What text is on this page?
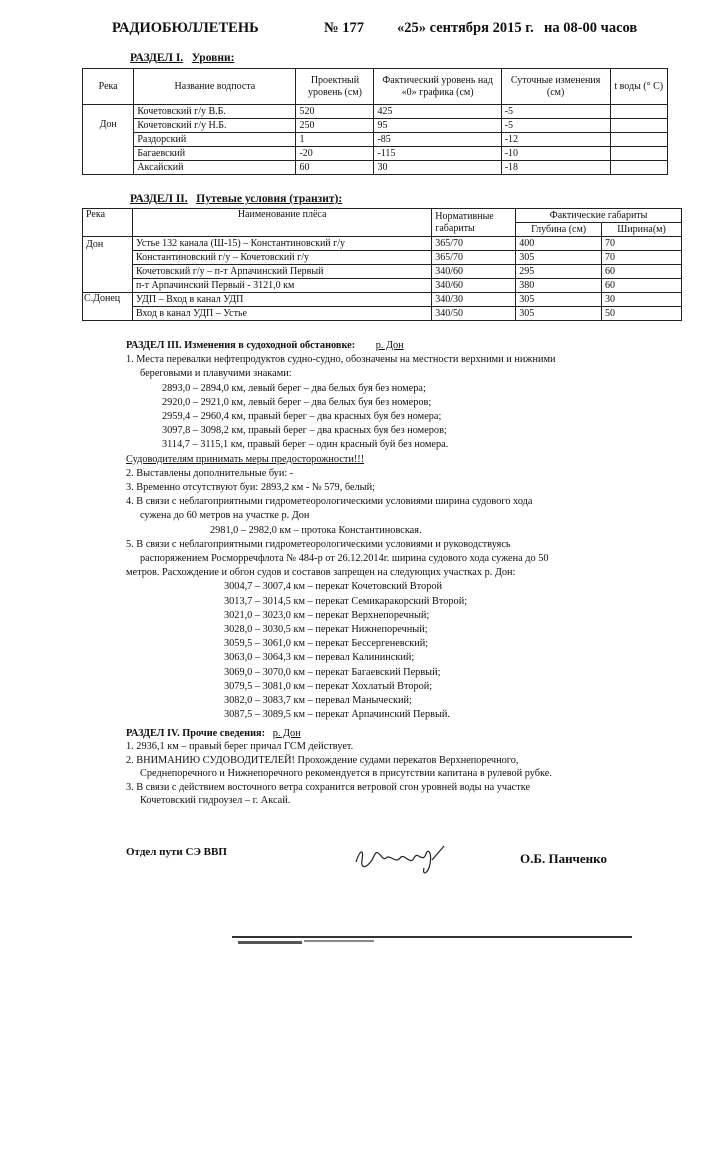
РАДИОБЮЛЛЕТЕНЬ	№ 177 «25» сентября 2015 г. на 08-00 часов
РАЗДЕЛ I. Уровни:
Река	Название водпоста	Проектный уровень (см)	Фактический уровень над «0» графика (см)	Суточные изменения (см)	t воды (° С)
Дон	Кочетовский г/у В.Б.	520	425	-5	
	Кочетовский г/у Н.Б.	250	95	-5	
	Раздорский	1	-85	-12	
	Багаевский	-20	-115	-10	
	Аксайский	60	30	-18	
РАЗДЕЛ II. Путевые условия (транзит):
Река	Наименование плёса	Нормативные габариты	Фактические габариты	
			Глубина (см)	Ширина(м)
Дон	Устье 132 канала (Ш-15) – Константиновский г/у	365/70	400	70
	Константиновский г/у – Кочетовский г/у	365/70	305	70
	Кочетовский г/у – п-т Арпачинский Первый	340/60	295	60
	п-т Арпачинский Первый - 3121,0 км	340/60	380	60
С.Донец	УДП – Вход в канал УДП	340/30	305	30
	Вход в канал УДП – Устье	340/50	305	50

РАЗДЕЛ III. Изменения в судоходной обстановке: р. Дон

1. Места перевалки нефтепродуктов судно-судно, обозначены на местности верхними и нижними

береговыми и плавучими знаками:

2893,0 – 2894,0 км, левый берег – два белых буя без номера;

2920,0 – 2921,0 км, левый берег – два белых буя без номеров;

2959,4 – 2960,4 км, правый берег – два красных буя без номера;

3097,8 – 3098,2 км, правый берег – два красных буя без номеров;

3114,7 – 3115,1 км, правый берег – один красный буй без номера.

Судоводителям принимать меры предосторожности!!!

2. Выставлены дополнительные буи: -

3. Временно отсутствуют буи: 2893,2 км - № 579, белый;

4. В связи с неблагоприятными гидрометеорологическими условиями ширина судового хода

сужена до 60 метров на участке р. Дон

2981,0 – 2982,0 км – протока Константиновская.

5. В связи с неблагоприятными гидрометеорологическими условиями и руководствуясь

распоряжением Росморречфлота № 484-р от 26.12.2014г. ширина судового хода сужена до 50

метров. Расхождение и обгон судов и составов запрещен на следующих участках р. Дон:

3004,7 – 3007,4 км – перекат Кочетовский Второй

3013,7 – 3014,5 км – перекат Семикаракорский Второй;

3021,0 – 3023,0 км – перекат Верхнепоречный;

3028,0 – 3030,5 км – перекат Нижнепоречный;

3059,5 – 3061,0 км – перекат Бессергеневский;

3063,0 – 3064,3 км – перевал Калининский;

3069,0 – 3070,0 км – перекат Багаевский Первый;

3079,5 – 3081,0 км – перекат Хохлатый Второй;

3082,0 – 3083,7 км – перевал Маныческий;

3087,5 – 3089,5 км – перекат Арпачинский Первый.

РАЗДЕЛ IV. Прочие сведения: р. Дон

1. 2936,1 км – правый берег причал ГСМ действует.

2. ВНИМАНИЮ СУДОВОДИТЕЛЕЙ! Прохождение судами перекатов Верхнепоречного,

Среднепоречного и Нижнепоречного рекомендуется в присутствии капитана в рулевой рубке.

3. В связи с действием восточного ветра сохранится ветровой сгон уровней воды на участке

Кочетовский гидроузел – г. Аксай.

Отдел пути СЭ ВВП	О.Б. Панченко
